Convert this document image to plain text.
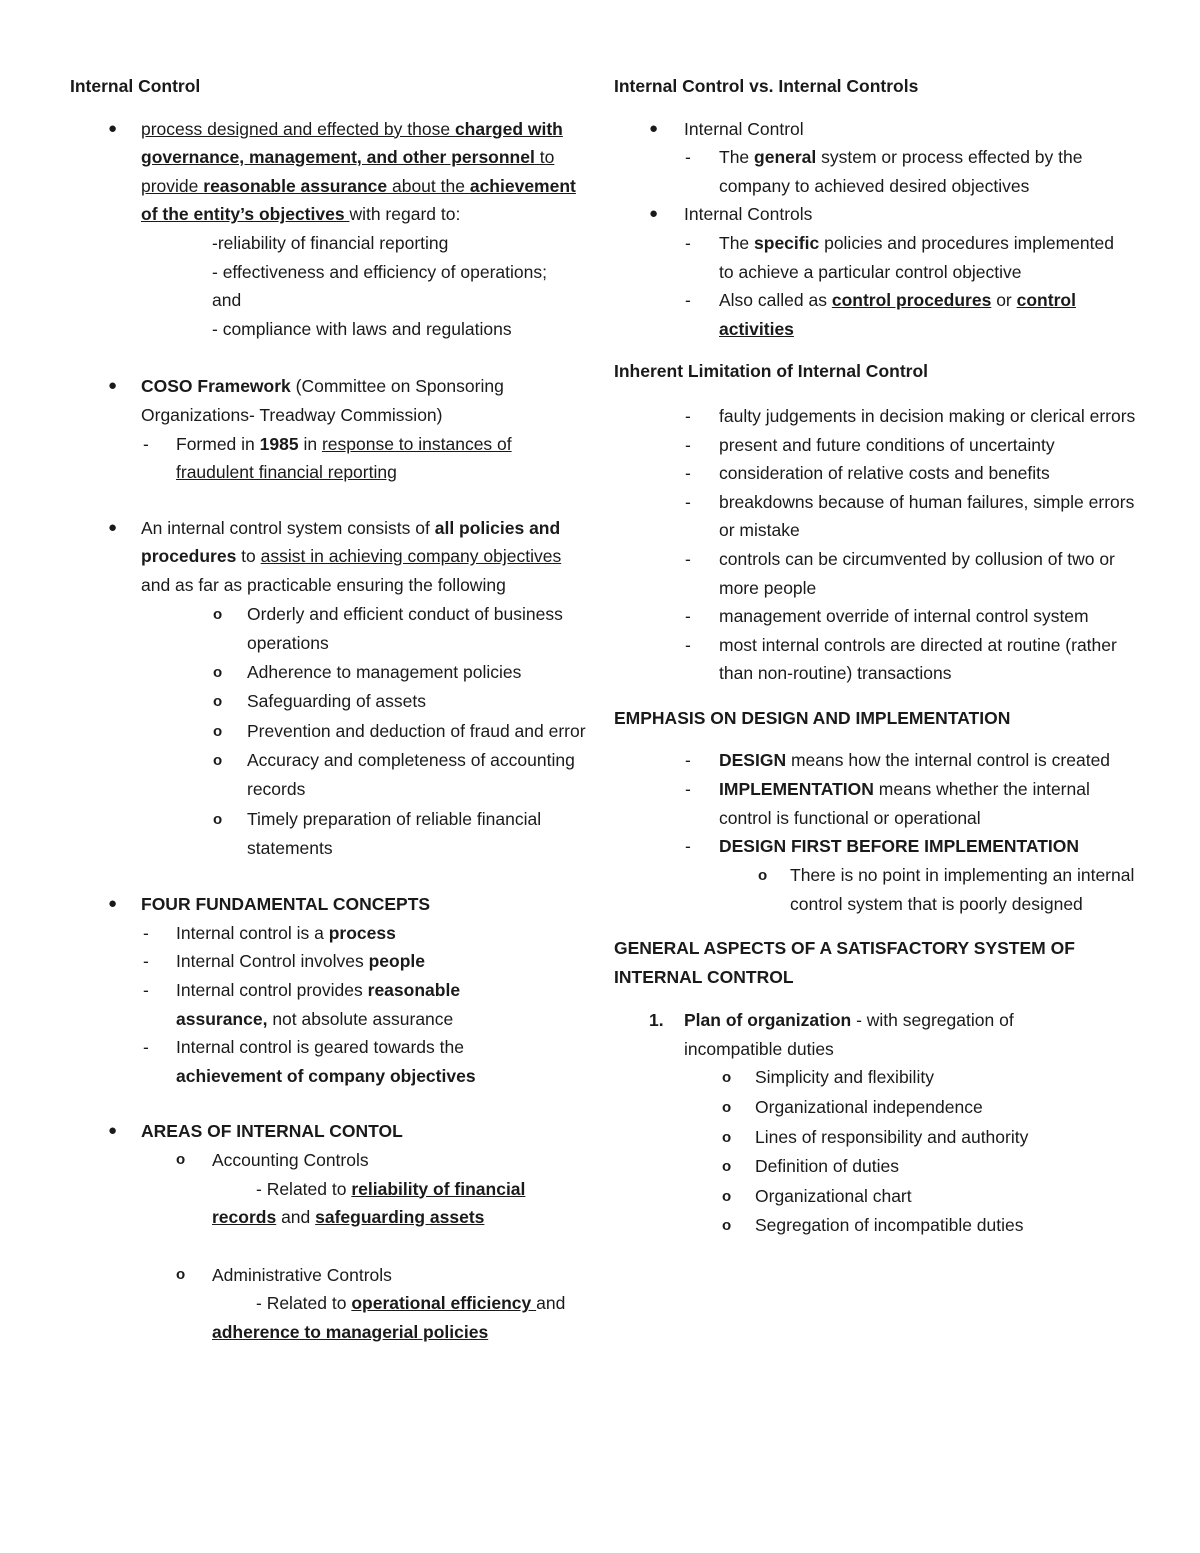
Internal Control

● process designed and effected by those charged with governance, management, and other personnel to provide reasonable assurance about the achievement of the entity’s objectives with regard to:

-reliability of financial reporting

- effectiveness and efficiency of operations; and

- compliance with laws and regulations

● COSO Framework (Committee on Sponsoring Organizations- Treadway Commission)
- Formed in 1985 in response to instances of fraudulent financial reporting
● An internal control system consists of all policies and procedures to assist in achieving company objectives and as far as practicable ensuring the following
o Orderly and efficient conduct of business operations
o Adherence to management policies
o Safeguarding of assets
o Prevention and deduction of fraud and error
o Accuracy and completeness of accounting records
o Timely preparation of reliable financial statements
● FOUR FUNDAMENTAL CONCEPTS
- Internal control is a process
- Internal Control involves people
- Internal control provides reasonable assurance, not absolute assurance
- Internal control is geared towards the achievement of company objectives
● AREAS OF INTERNAL CONTOL
o Accounting Controls
- Related to reliability of financial records and safeguarding assets
o Administrative Controls
- Related to operational efficiency and adherence to managerial policies

Internal Control vs. Internal Controls

● Internal Control
- The general system or process effected by the company to achieved desired objectives
● Internal Controls
- The specific policies and procedures implemented to achieve a particular control objective
- Also called as control procedures or control activities

Inherent Limitation of Internal Control

- faulty judgements in decision making or clerical errors
- present and future conditions of uncertainty
- consideration of relative costs and benefits
- breakdowns because of human failures, simple errors or mistake
- controls can be circumvented by collusion of two or more people
- management override of internal control system
- most internal controls are directed at routine (rather than non-routine) transactions

EMPHASIS ON DESIGN AND IMPLEMENTATION

- DESIGN means how the internal control is created
- IMPLEMENTATION means whether the internal control is functional or operational
- DESIGN FIRST BEFORE IMPLEMENTATION
o There is no point in implementing an internal control system that is poorly designed

GENERAL ASPECTS OF A SATISFACTORY SYSTEM OF INTERNAL CONTROL

1. Plan of organization - with segregation of incompatible duties
o Simplicity and flexibility
o Organizational independence
o Lines of responsibility and authority
o Definition of duties
o Organizational chart
o Segregation of incompatible duties
